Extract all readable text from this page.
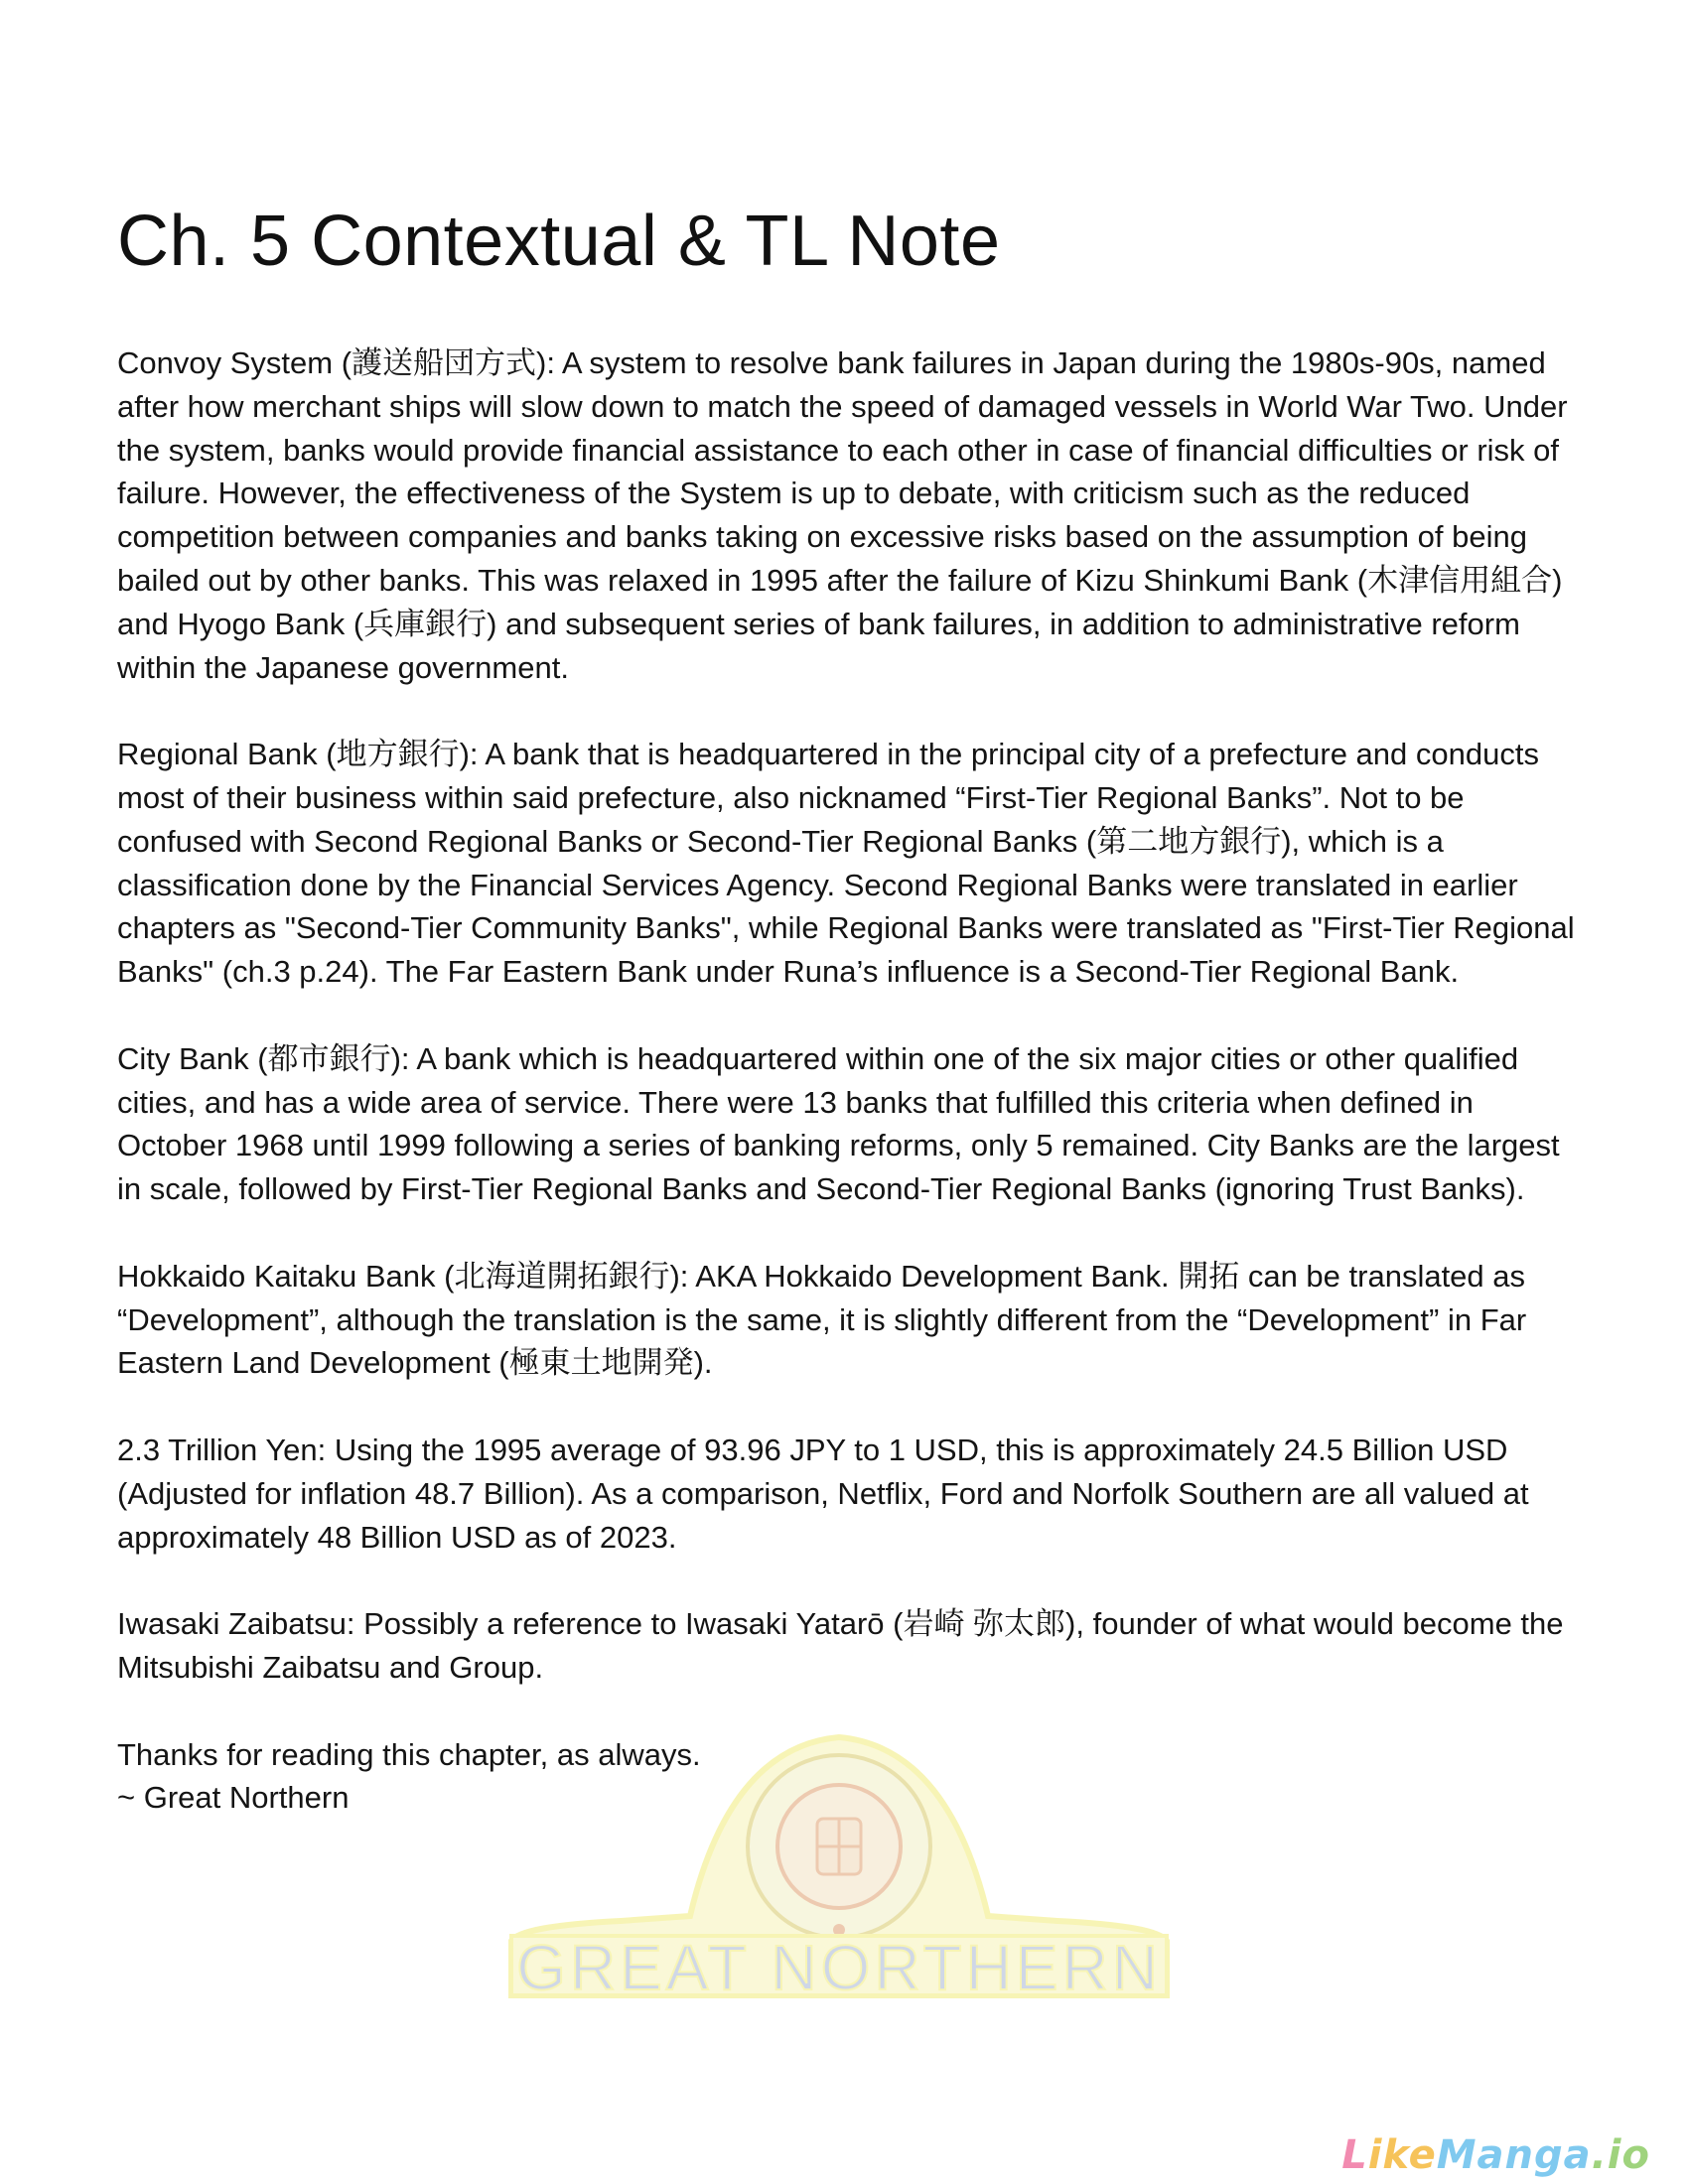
GREAT NORTHERN
Ch. 5 Contextual & TL Note

Convoy System (護送船団方式): A system to resolve bank failures in Japan during the 1980s-90s, named after how merchant ships will slow down to match the speed of damaged vessels in World War Two. Under the system, banks would provide financial assistance to each other in case of financial difficulties or risk of failure. However, the effectiveness of the System is up to debate, with criticism such as the reduced competition between companies and banks taking on excessive risks based on the assumption of being bailed out by other banks. This was relaxed in 1995 after the failure of Kizu Shinkumi Bank (木津信用組合) and Hyogo Bank (兵庫銀行) and subsequent series of bank failures, in addition to administrative reform within the Japanese government.

Regional Bank (地方銀行): A bank that is headquartered in the principal city of a prefecture and conducts most of their business within said prefecture, also nicknamed “First-Tier Regional Banks”. Not to be confused with Second Regional Banks or Second-Tier Regional Banks (第二地方銀行), which is a classification done by the Financial Services Agency. Second Regional Banks were translated in earlier chapters as "Second-Tier Community Banks", while Regional Banks were translated as "First-Tier Regional Banks" (ch.3 p.24). The Far Eastern Bank under Runa’s influence is a Second-Tier Regional Bank.

City Bank (都市銀行): A bank which is headquartered within one of the six major cities or other qualified cities, and has a wide area of service. There were 13 banks that fulfilled this criteria when defined in October 1968 until 1999 following a series of banking reforms, only 5 remained. City Banks are the largest in scale, followed by First-Tier Regional Banks and Second-Tier Regional Banks (ignoring Trust Banks).

Hokkaido Kaitaku Bank (北海道開拓銀行): AKA Hokkaido Development Bank. 開拓 can be translated as “Development”, although the translation is the same, it is slightly different from the “Development” in Far Eastern Land Development (極東土地開発).

2.3 Trillion Yen: Using the 1995 average of 93.96 JPY to 1 USD, this is approximately 24.5 Billion USD (Adjusted for inflation 48.7 Billion). As a comparison, Netflix, Ford and Norfolk Southern are all valued at approximately 48 Billion USD as of 2023.

Iwasaki Zaibatsu: Possibly a reference to Iwasaki Yatarō (岩崎 弥太郎), founder of what would become the Mitsubishi Zaibatsu and Group.

Thanks for reading this chapter, as always.

~ Great Northern

LikeManga.io
